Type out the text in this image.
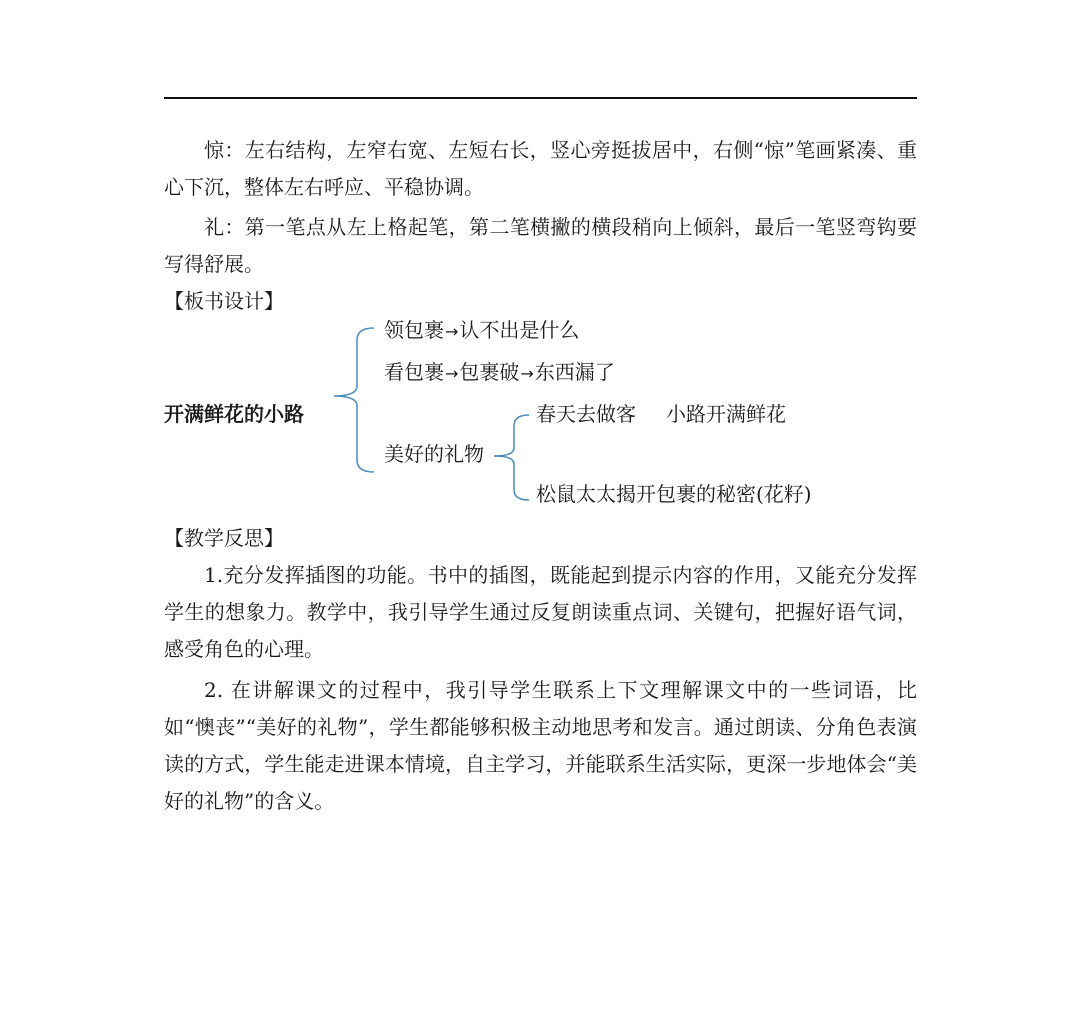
惊：左右结构，左窄右宽、左短右长，竖心旁挺拔居中，右侧“惊”笔画紧凑、重心下沉，整体左右呼应、平稳协调。

礼：第一笔点从左上格起笔，第二笔横撇的横段稍向上倾斜，最后一笔竖弯钩要写得舒展。

【板书设计】

开满鲜花的小路
领包裹→认不出是什么
看包裹→包裹破→东西漏了
美好的礼物
春天去做客 小路开满鲜花
松鼠太太揭开包裹的秘密(花籽)

【教学反思】

1.充分发挥插图的功能。书中的插图，既能起到提示内容的作用，又能充分发挥学生的想象力。教学中，我引导学生通过反复朗读重点词、关键句，把握好语气词，感受角色的心理。

2. 在讲解课文的过程中，我引导学生联系上下文理解课文中的一些词语，比如“懊丧”“美好的礼物”，学生都能够积极主动地思考和发言。通过朗读、分角色表演读的方式，学生能走进课本情境，自主学习，并能联系生活实际，更深一步地体会“美好的礼物”的含义。
